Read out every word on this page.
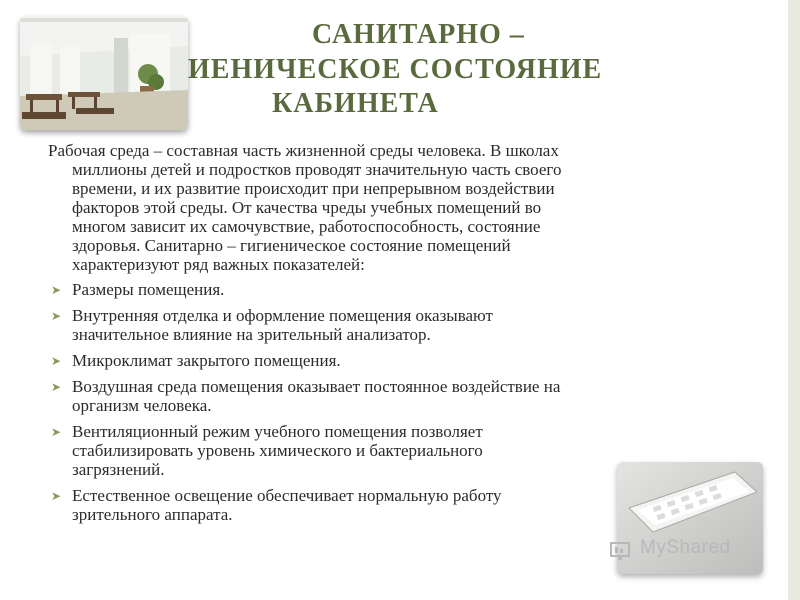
САНИТАРНО –
ИЕНИЧЕСКОЕ СОСТОЯНИЕ
КАБИНЕТА
Рабочая среда – составная часть жизненной среды человека. В школах
миллионы детей и подростков проводят значительную часть своего
времени, и их развитие происходит при непрерывном воздействии
факторов этой среды. От качества чреды учебных помещений во
многом зависит их самочувствие, работоспособность, состояние
здоровья. Санитарно – гигиеническое состояние помещений
характеризуют ряд важных показателей:
➤ Размеры помещения.
➤ Внутренняя отделка и оформление помещения оказывают
значительное влияние на зрительный анализатор.
➤ Микроклимат закрытого помещения.
➤ Воздушная среда помещения оказывает постоянное воздействие на
организм человека.
➤ Вентиляционный режим учебного помещения позволяет
стабилизировать уровень химического и бактериального
загрязнений.
➤ Естественное освещение обеспечивает нормальную работу
зрительного аппарата.
MyShared
